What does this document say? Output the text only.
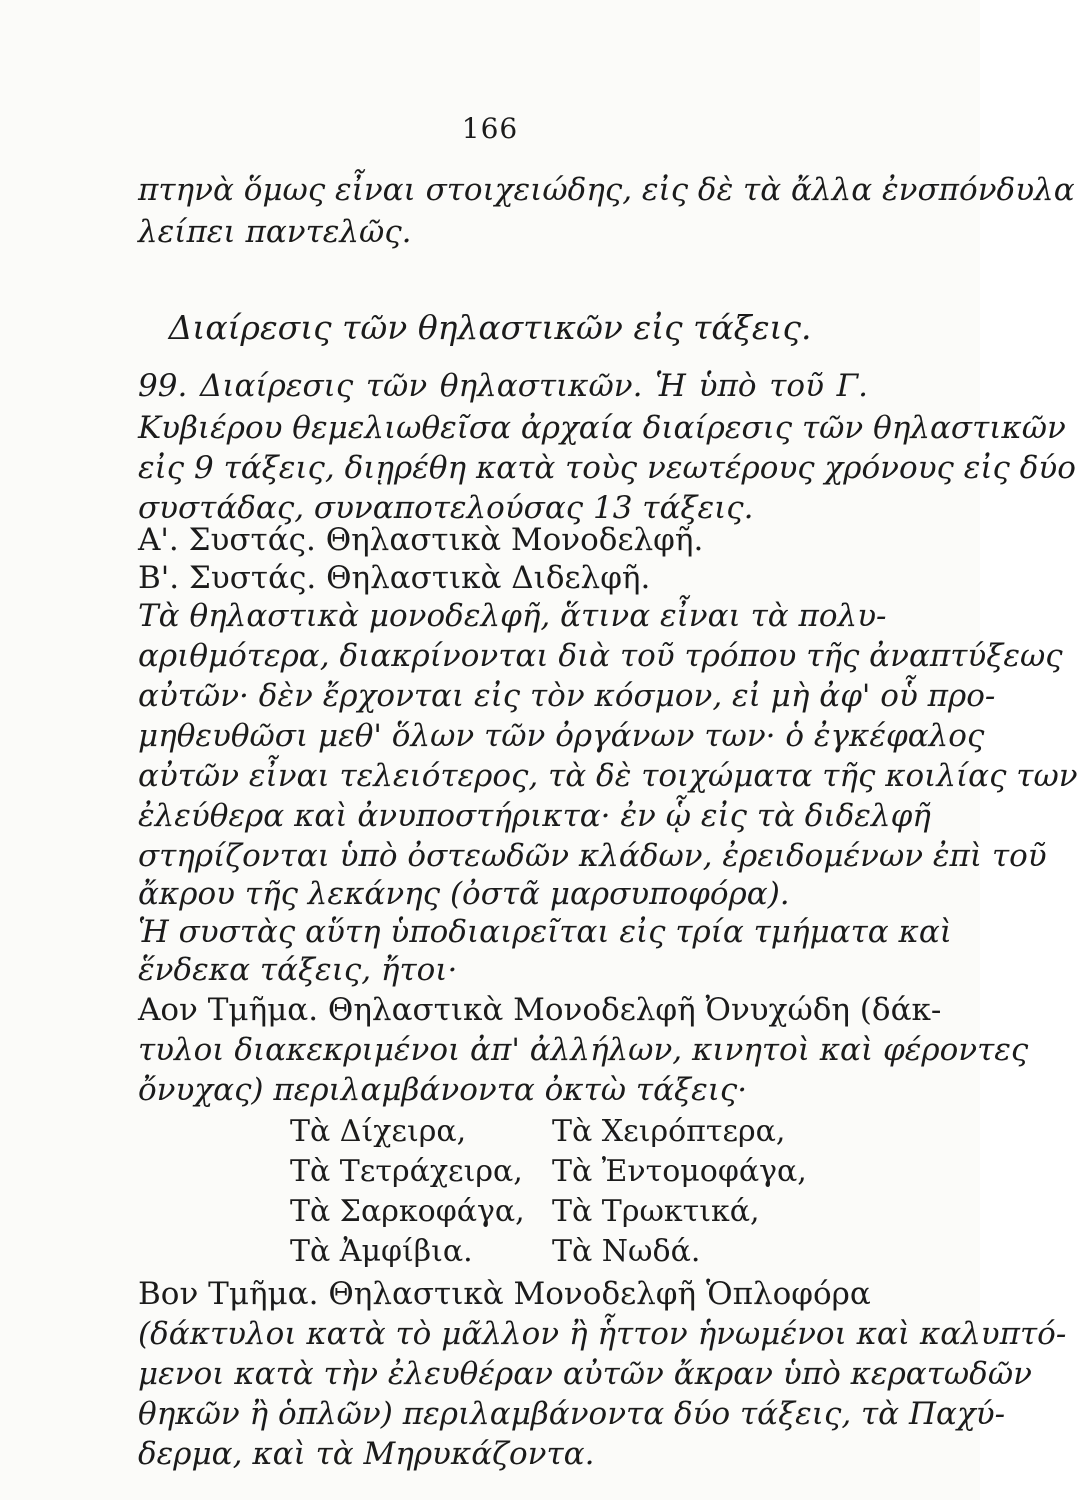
166
πτηνὰ ὅμως εἶναι στοιχειώδης, εἰς δὲ τὰ ἄλλα ἐνσπόνδυλα
λείπει παντελῶς.
Διαίρεσις τῶν θηλαστικῶν εἰς τάξεις.
99. Διαίρεσις τῶν θηλαστικῶν. Ἡ ὑπὸ τοῦ Γ.
Κυβιέρου θεμελιωθεῖσα ἀρχαία διαίρεσις τῶν θηλαστικῶν
εἰς 9 τάξεις, διῃρέθη κατὰ τοὺς νεωτέρους χρόνους εἰς δύο
συστάδας, συναποτελούσας 13 τάξεις.
Α'. Συστάς. Θηλαστικὰ Μονοδελφῆ.
Β'. Συστάς. Θηλαστικὰ Διδελφῆ.
Τὰ θηλαστικὰ μονοδελφῆ, ἅτινα εἶναι τὰ πολυ-
αριθμότερα, διακρίνονται διὰ τοῦ τρόπου τῆς ἀναπτύξεως
αὐτῶν· δὲν ἔρχονται εἰς τὸν κόσμον, εἰ μὴ ἀφ' οὗ προ-
μηθευθῶσι μεθ' ὅλων τῶν ὀργάνων των· ὁ ἐγκέφαλος
αὐτῶν εἶναι τελειότερος, τὰ δὲ τοιχώματα τῆς κοιλίας των
ἐλεύθερα καὶ ἀνυποστήρικτα· ἐν ᾧ εἰς τὰ διδελφῆ
στηρίζονται ὑπὸ ὀστεωδῶν κλάδων, ἐρειδομένων ἐπὶ τοῦ
ἄκρου τῆς λεκάνης (ὀστᾶ μαρσυποφόρα).
Ἡ συστὰς αὕτη ὑποδιαιρεῖται εἰς τρία τμήματα καὶ
ἕνδεκα τάξεις, ἤτοι·
Αον Τμῆμα. Θηλαστικὰ Μονοδελφῆ Ὀνυχώδη (δάκ-
τυλοι διακεκριμένοι ἀπ' ἀλλήλων, κινητοὶ καὶ φέροντες
ὄνυχας) περιλαμβάνοντα ὀκτὼ τάξεις·
Τὰ Δίχειρα,
Τὰ Τετράχειρα,
Τὰ Σαρκοφάγα,
Τὰ Ἀμφίβια.
Τὰ Χειρόπτερα,
Τὰ Ἐντομοφάγα,
Τὰ Τρωκτικά,
Τὰ Νωδά.
Βον Τμῆμα. Θηλαστικὰ Μονοδελφῆ Ὁπλοφόρα
(δάκτυλοι κατὰ τὸ μᾶλλον ἢ ἧττον ἡνωμένοι καὶ καλυπτό-
μενοι κατὰ τὴν ἐλευθέραν αὐτῶν ἄκραν ὑπὸ κερατωδῶν
θηκῶν ἢ ὁπλῶν) περιλαμβάνοντα δύο τάξεις, τὰ Παχύ-
δερμα, καὶ τὰ Μηρυκάζοντα.
